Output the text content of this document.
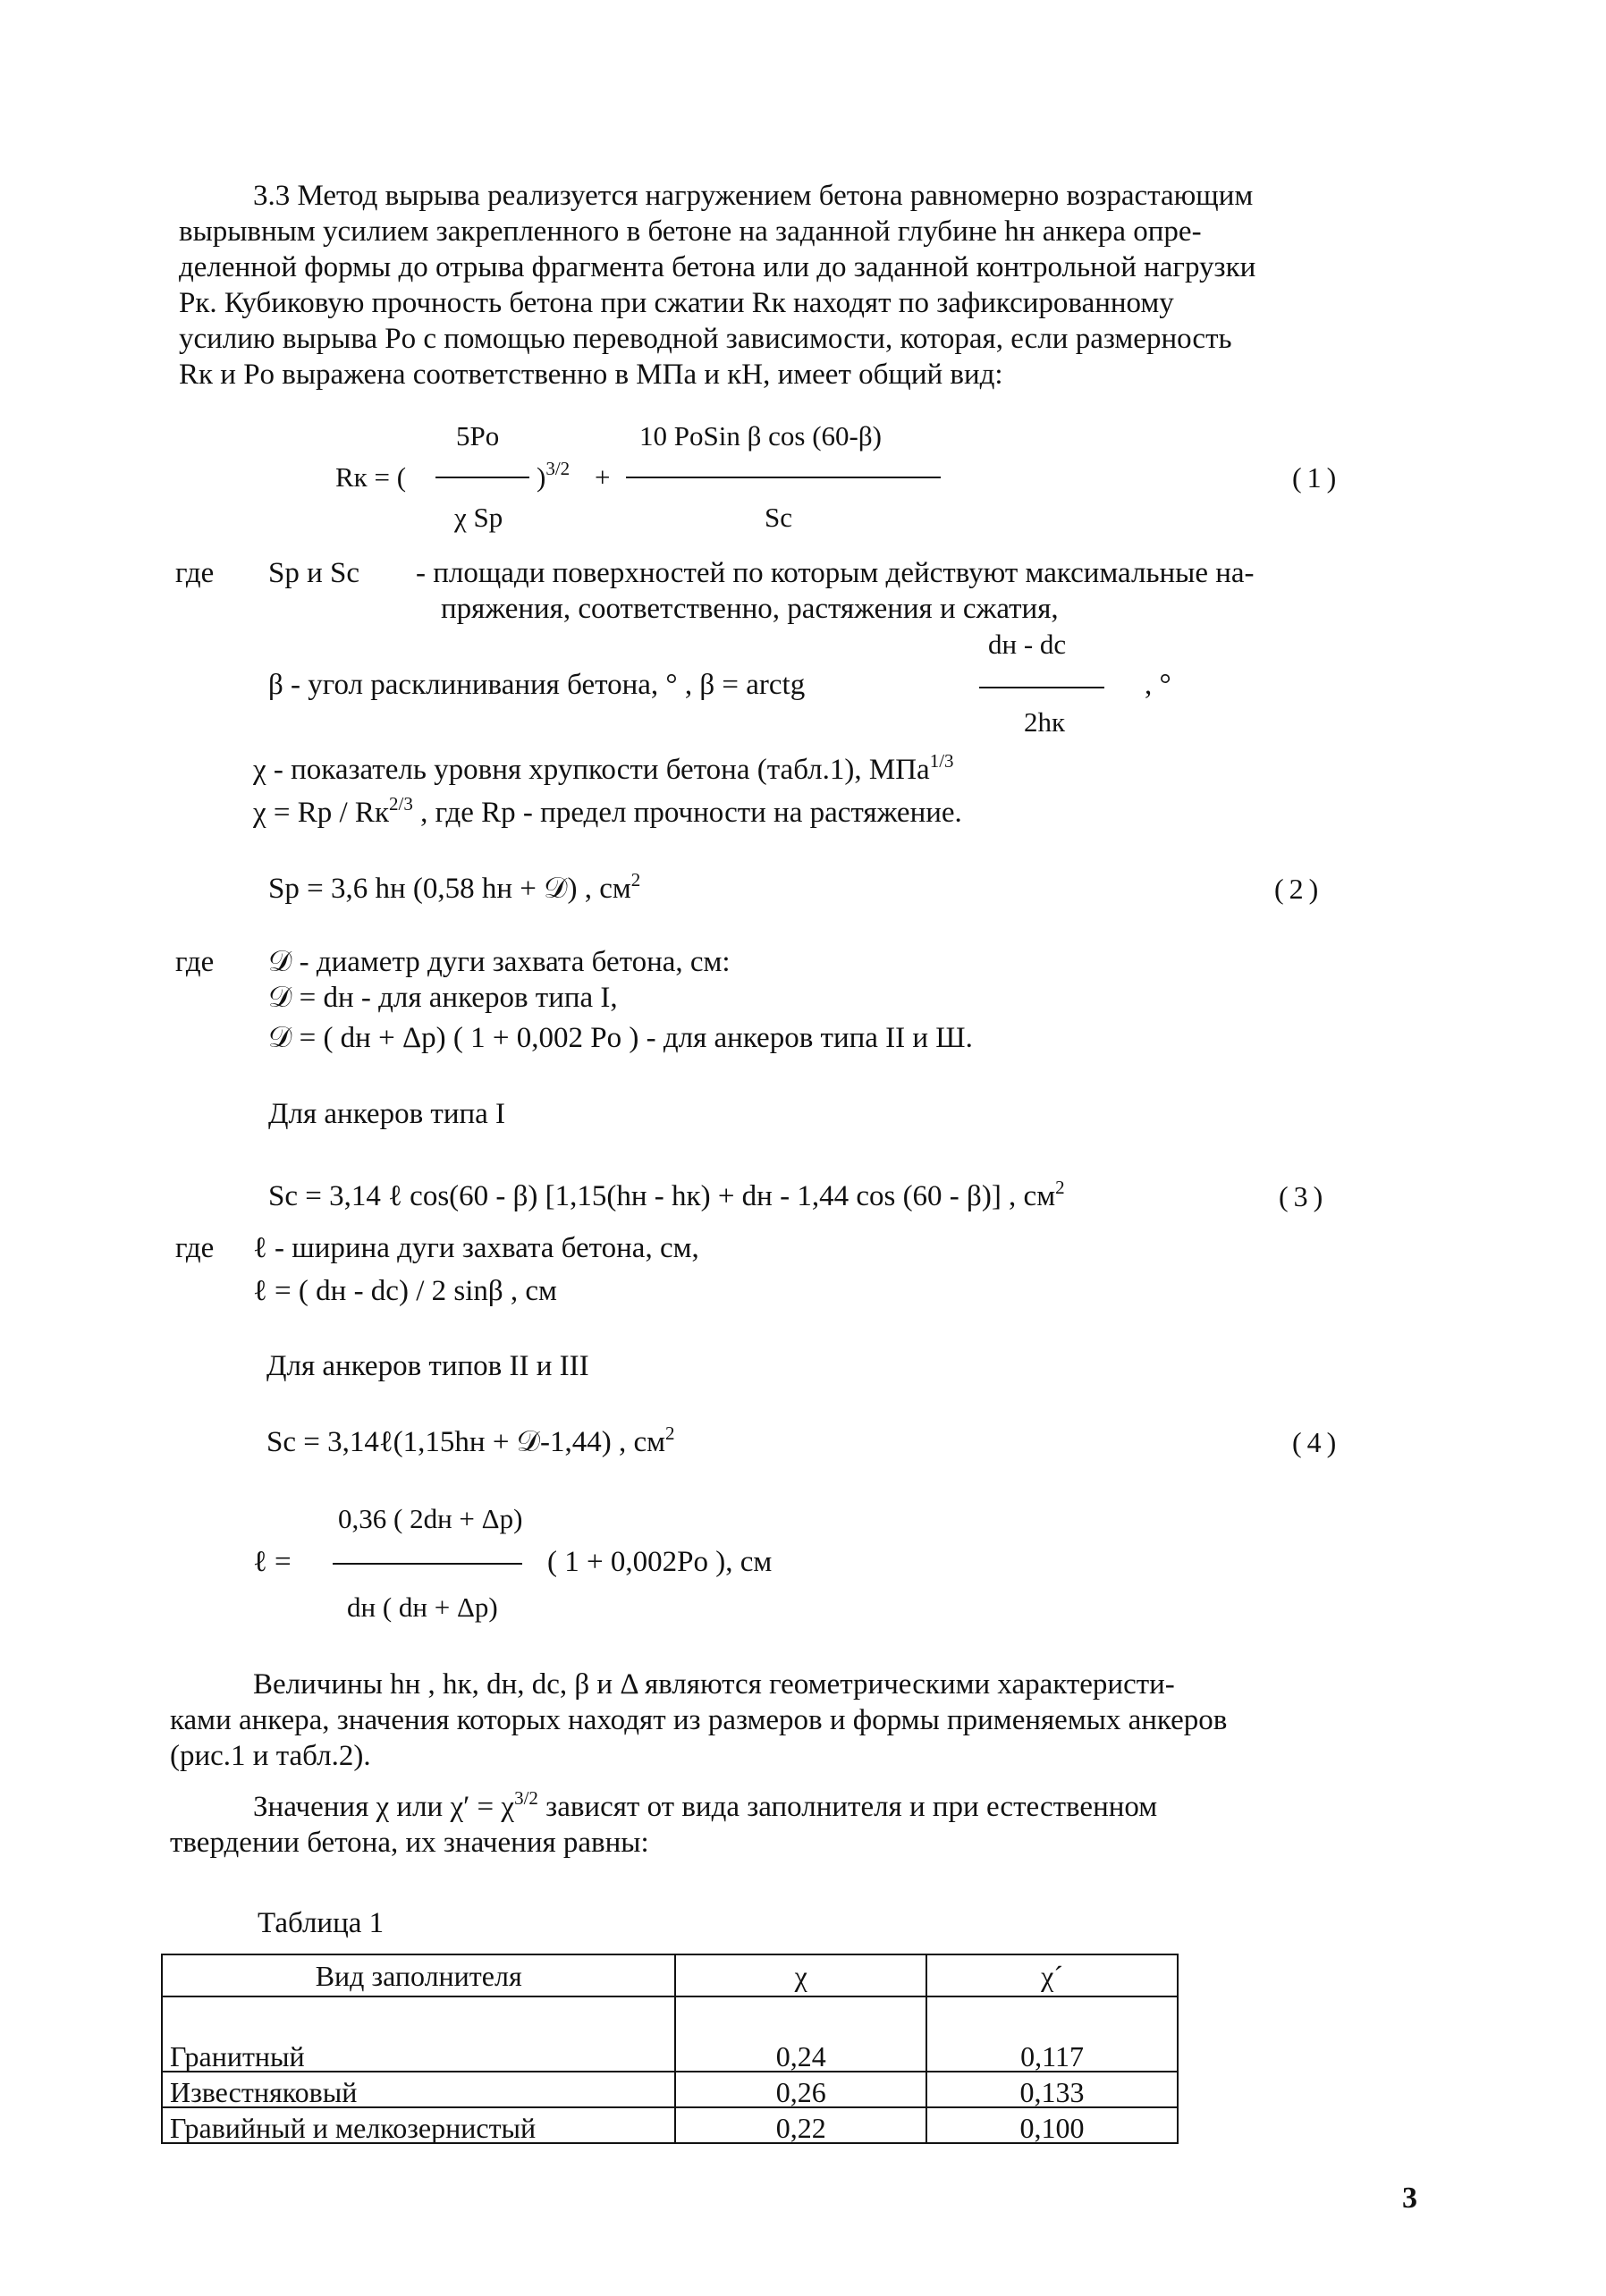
3.3 Метод вырыва реализуется нагружением бетона равномерно возрастающим
вырывным усилием закрепленного в бетоне на заданной глубине hн анкера опре-
деленной формы до отрыва фрагмента бетона или до заданной контрольной нагрузки
Pк. Кубиковую прочность бетона при сжатии Rк находят по зафиксированному
усилию вырыва Po с помощью переводной зависимости, которая, если размерность
Rк и Po выражена соответственно в МПа и кН, имеет общий вид:
5Po
Rк = (	)$^{3/2}$ +
χ Sp
10 PoSin β cos (60-β)
Sc
(1)
где Sp и Sc - площади поверхностей по которым действуют максимальные на-
пряжения, соответственно, растяжения и сжатия,
dн - dc
β - угол расклинивания бетона, ° , β = arctg	, °
2hк
χ - показатель уровня хрупкости бетона (табл.1), МПа$^{1/3}$
$\chi = Rp / Rк^{2/3}$ , где Rp - предел прочности на растяжение.
Sp = 3,6 hн (0,58 hн + 𝒟) , $см^2$	(2)
где 𝒟 - диаметр дуги захвата бетона, см:
𝒟 = dн - для анкеров типа I,
𝒟 = ( dн + Δp) ( 1 + 0,002 Po ) - для анкеров типа II и Ш.
Для анкеров типа I
Sc = 3,14 ℓ cos(60 - β) [1,15(hн - hк) + dн - 1,44 cos (60 - β)] , $см^2$	(3)
где ℓ - ширина дуги захвата бетона, см,
ℓ = ( dн - dc) / 2 sinβ , см
Для анкеров типов II и III
Sc = 3,14ℓ(1,15hн + 𝒟-1,44) , $см^2$	(4)
0,36 ( 2dн + Δp)
ℓ =	( 1 + 0,002Po ), см
dн ( dн + Δp)
Величины hн , hк, dн, dc, β и Δ являются геометрическими характеристи-
ками анкера, значения которых находят из размеров и формы применяемых анкеров
(рис.1 и табл.2).
Значения χ или $\chi' = \chi^{3/2}$ зависят от вида заполнителя и при естественном
твердении бетона, их значения равны:
Таблица 1
Вид заполнителя	χ	χ´
Гранитный	0,24	0,117
Известняковый	0,26	0,133
Гравийный и мелкозернистый	0,22	0,100
3
